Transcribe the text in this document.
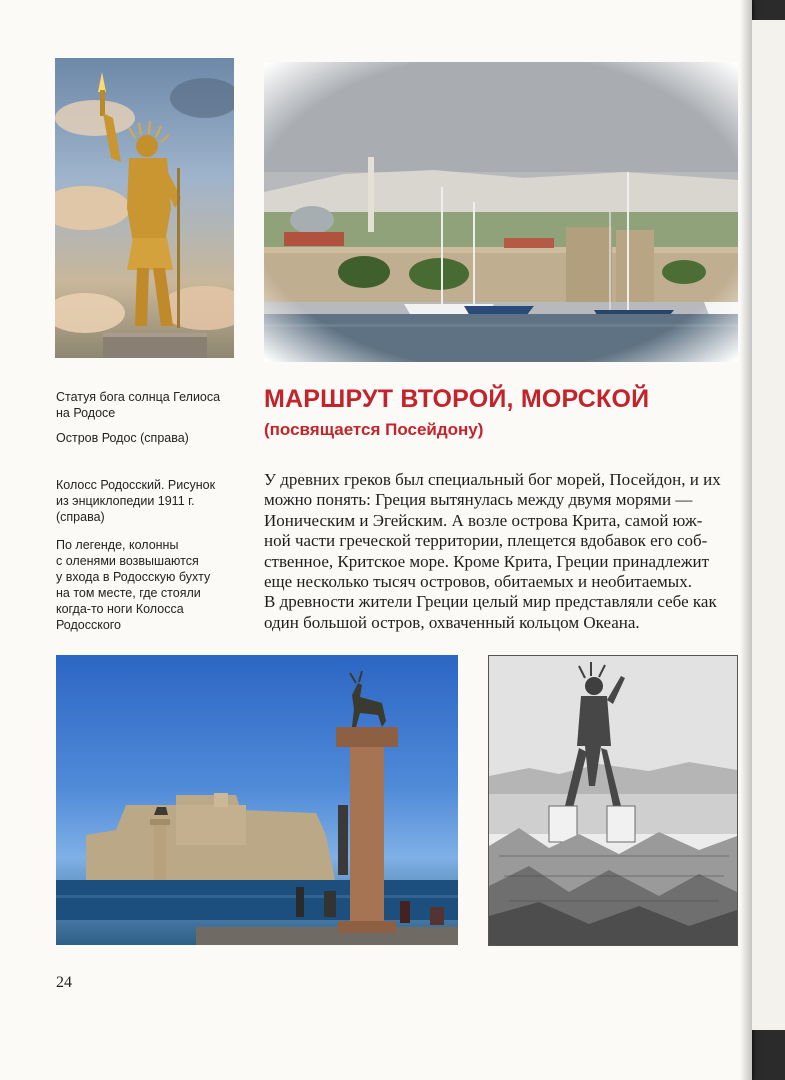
Статуя бога солнца Гелиоса
на Родосе
Остров Родос (справа)
Колосс Родосский. Рисунок
из энциклопедии 1911 г.
(справа)
По легенде, колонны
с оленями возвышаются
у входа в Родосскую бухту
на том месте, где стояли
когда-то ноги Колосса
Родосского
МАРШРУТ ВТОРОЙ, МОРСКОЙ
(посвящается Посейдону)

У древних греков был специальный бог морей, Посейдон, и их
можно понять: Греция вытянулась между двумя морями —
Ионическим и Эгейским. А возле острова Крита, самой юж-
ной части греческой территории, плещется вдобавок его соб-
ственное, Критское море. Кроме Крита, Греции принадлежит
еще несколько тысяч островов, обитаемых и необитаемых.
В древности жители Греции целый мир представляли себе как
один большой остров, охваченный кольцом Океана.

24
